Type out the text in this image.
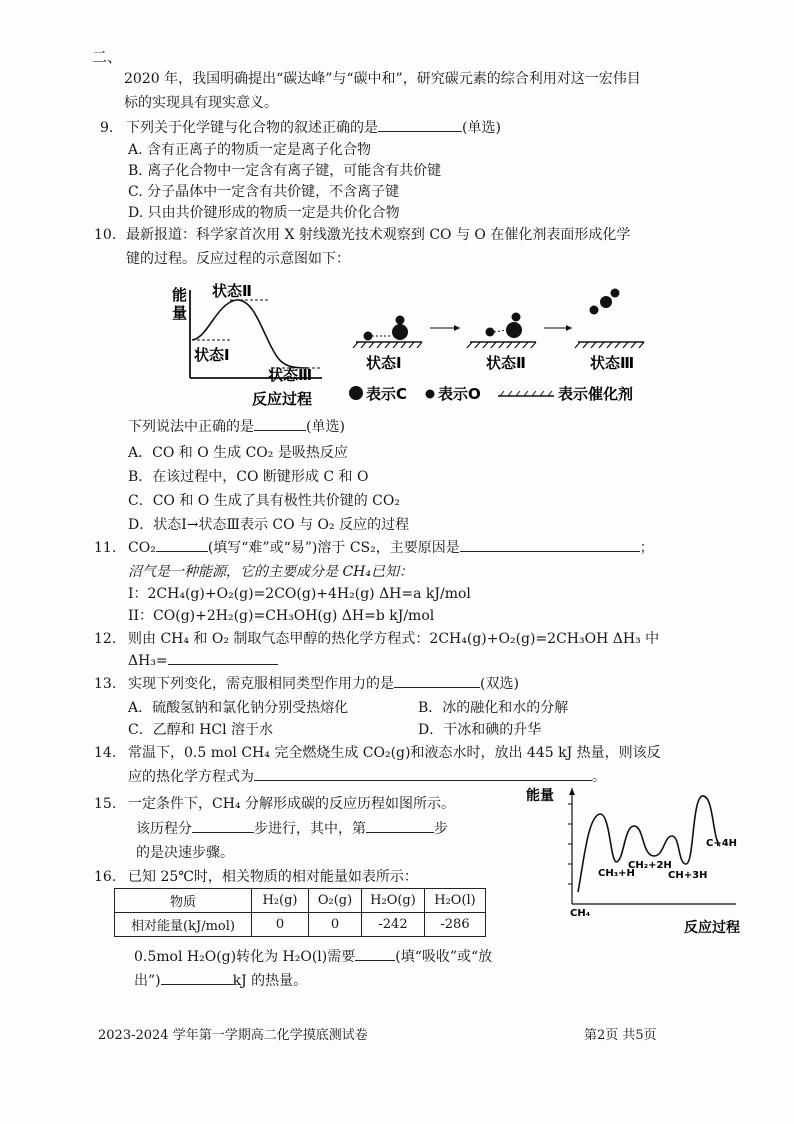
二、
2020 年，我国明确提出“碳达峰”与“碳中和”，研究碳元素的综合利用对这一宏伟目
标的实现具有现实意义。
9. 下列关于化学键与化合物的叙述正确的是	(单选)
A. 含有正离子的物质一定是离子化合物
B. 离子化合物中一定含有离子键，可能含有共价键
C. 分子晶体中一定含有共价键，不含离子键
D. 只由共价键形成的物质一定是共价化合物
10. 最新报道：科学家首次用 X 射线激光技术观察到 CO 与 O 在催化剂表面形成化学
键的过程。反应过程的示意图如下：
能
量
状态Ⅱ
状态Ⅰ
状态Ⅲ
反应过程
状态Ⅰ	状态Ⅱ	状态Ⅲ
表示C 表示O	表示催化剂
下列说法中正确的是	(单选)
A．CO 和 O 生成 CO₂ 是吸热反应
B．在该过程中，CO 断键形成 C 和 O
C．CO 和 O 生成了具有极性共价键的 CO₂
D．状态Ⅰ→状态Ⅲ表示 CO 与 O₂ 反应的过程
11. CO₂	(填写“难”或“易”)溶于 CS₂，主要原因是	；
沼气是一种能源，它的主要成分是 CH₄已知：
I：2CH₄(g)+O₂(g)=2CO(g)+4H₂(g) ΔH=a kJ/mol
II：CO(g)+2H₂(g)=CH₃OH(g) ΔH=b kJ/mol
12. 则由 CH₄ 和 O₂ 制取气态甲醇的热化学方程式：2CH₄(g)+O₂(g)=2CH₃OH ΔH₃ 中
ΔH₃=
13. 实现下列变化，需克服相同类型作用力的是	(双选)
A．硫酸氢钠和氯化钠分别受热熔化	B．冰的融化和水的分解
C．乙醇和 HCl 溶于水	D．干冰和碘的升华
14. 常温下，0.5 mol CH₄ 完全燃烧生成 CO₂(g)和液态水时，放出 445 kJ 热量，则该反
应的热化学方程式为	。
15. 一定条件下，CH₄ 分解形成碳的反应历程如图所示。
该历程分	步进行，其中，第	步
的是决速步骤。
能量
CH₄
CH₃+H
CH₂+2H
CH+3H
C+4H
反应过程
16. 已知 25℃时，相关物质的相对能量如表所示：
物质	H₂(g)	O₂(g)	H₂O(g)	H₂O(l)
相对能量(kJ/mol)	0	0	-242	-286
0.5mol H₂O(g)转化为 H₂O(l)需要	(填“吸收”或“放
出”)	kJ 的热量。
2023-2024 学年第一学期高二化学摸底测试卷	第2页 共5页
